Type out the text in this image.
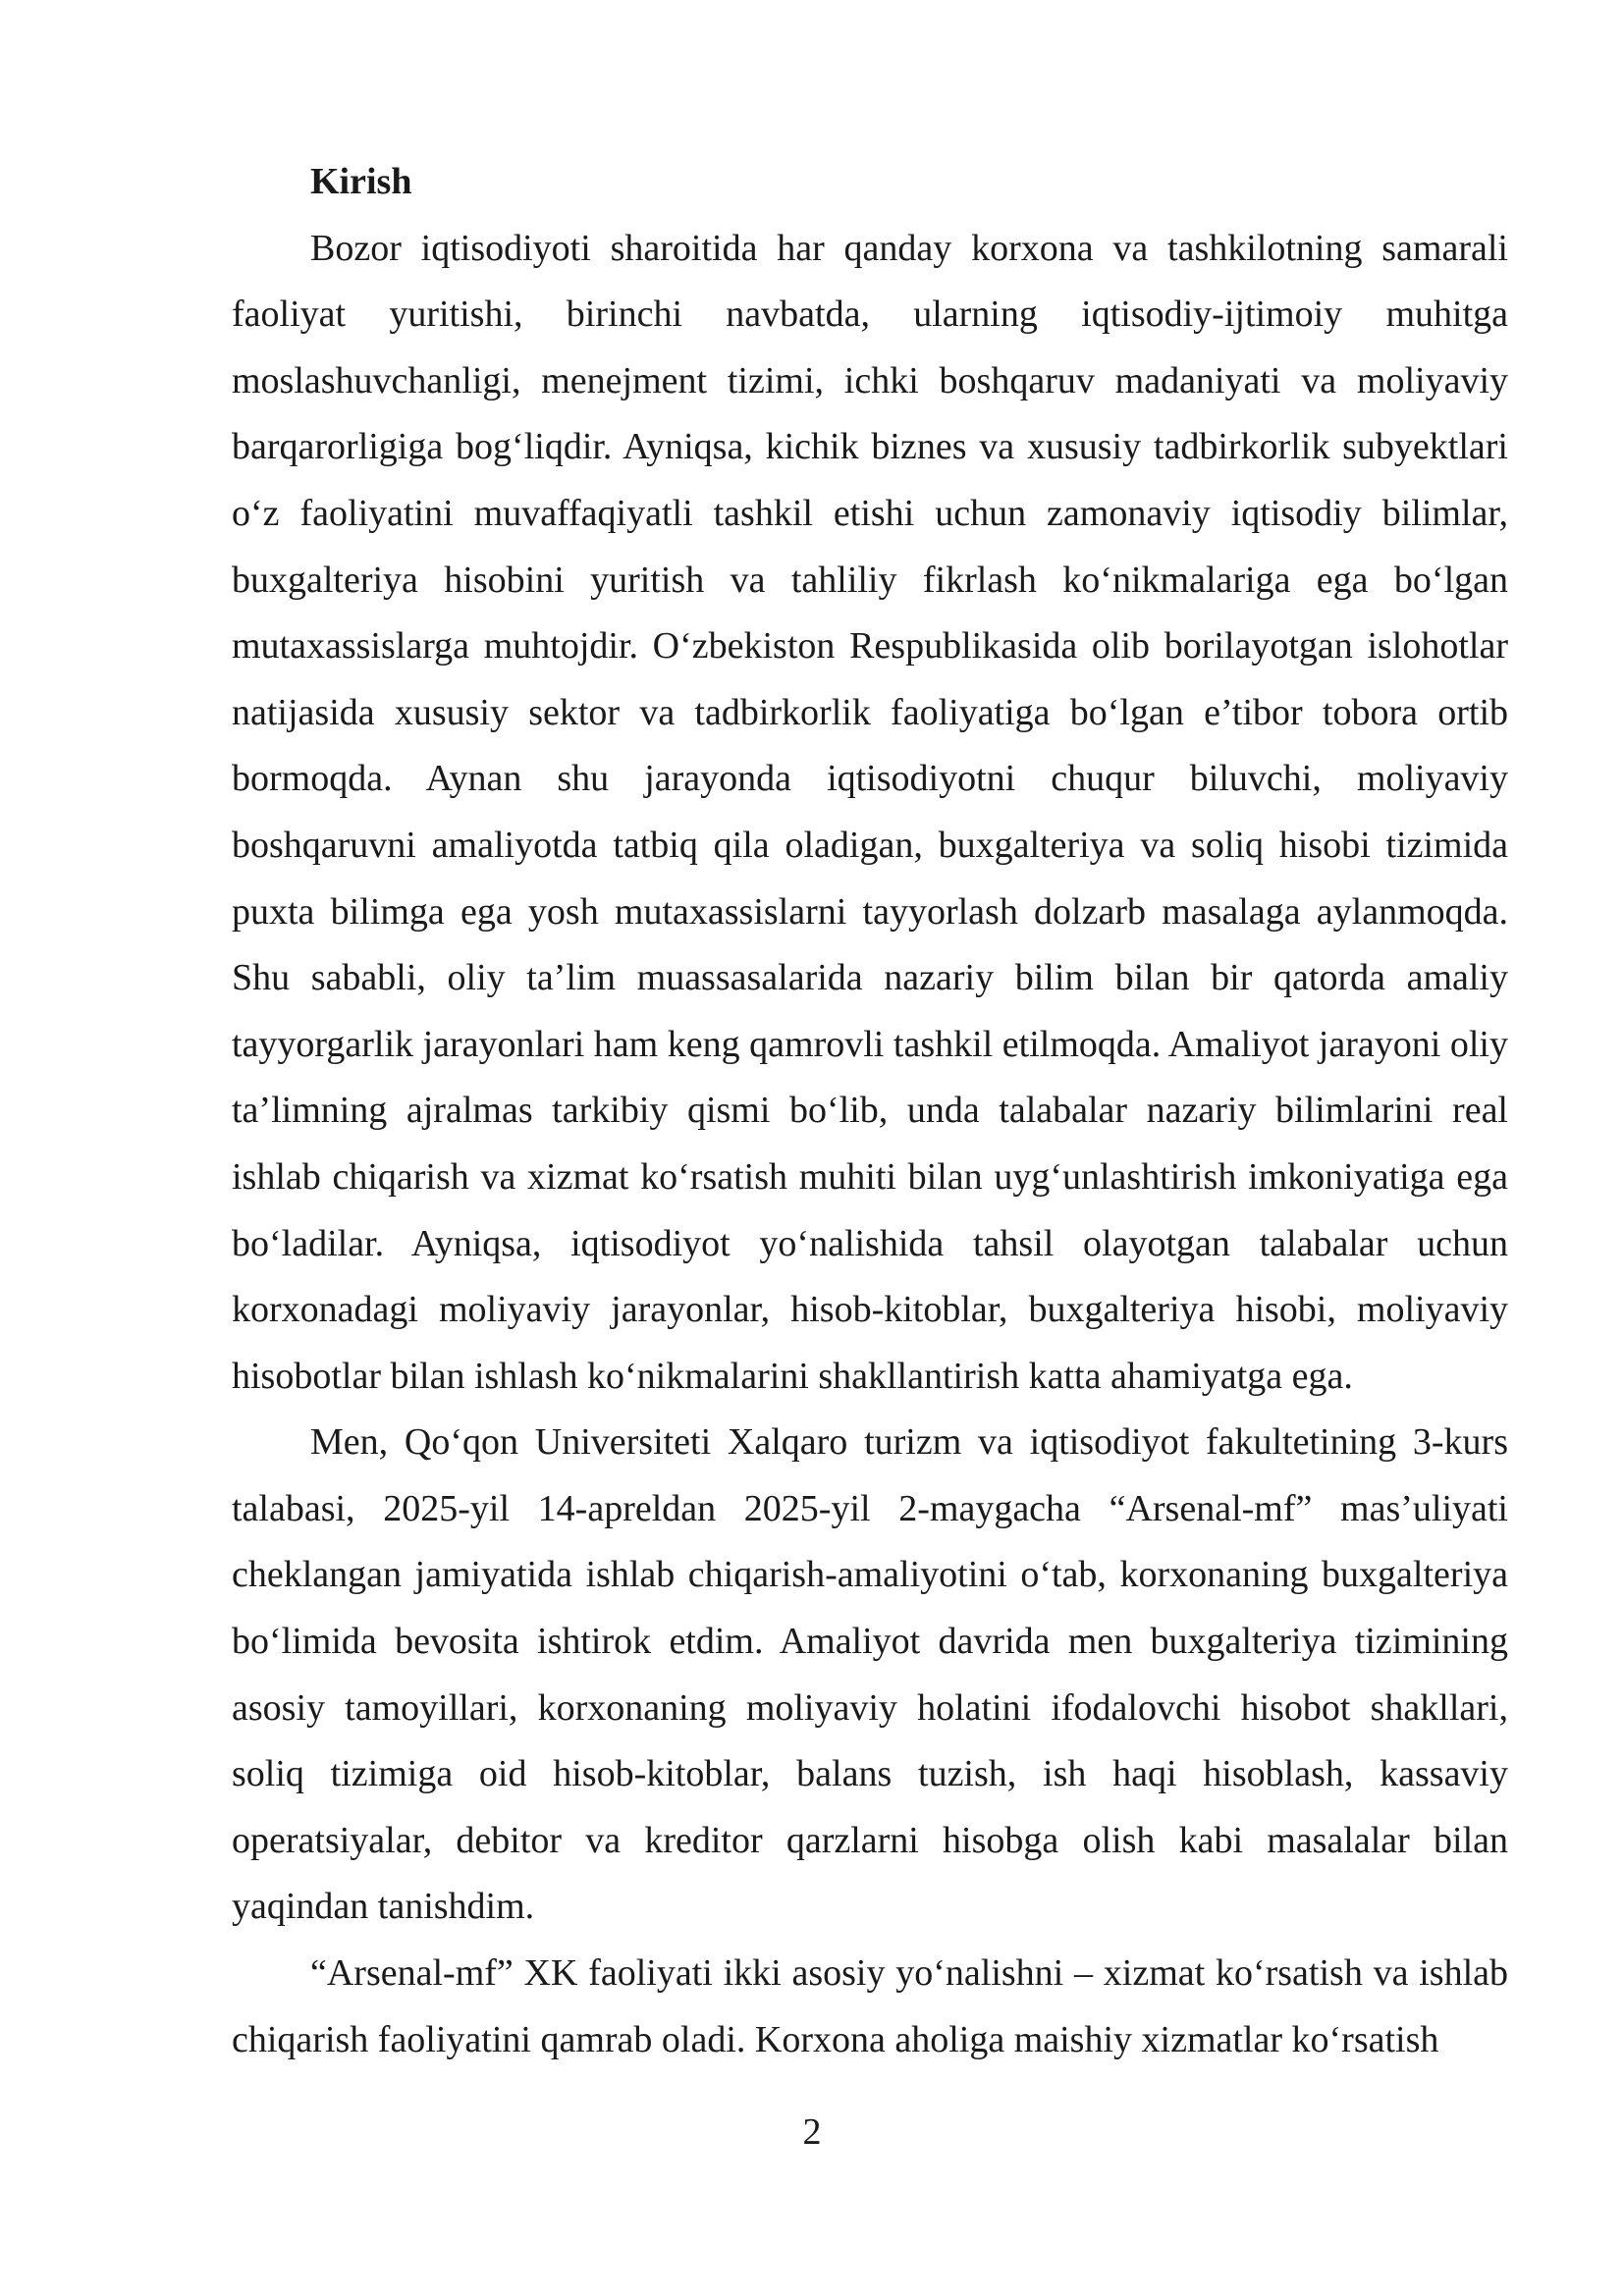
Kirish

Bozor iqtisodiyoti sharoitida har qanday korxona va tashkilotning samarali faoliyat yuritishi, birinchi navbatda, ularning iqtisodiy-ijtimoiy muhitga moslashuvchanligi, menejment tizimi, ichki boshqaruv madaniyati va moliyaviy barqarorligiga bog‘liqdir. Ayniqsa, kichik biznes va xususiy tadbirkorlik subyektlari o‘z faoliyatini muvaffaqiyatli tashkil etishi uchun zamonaviy iqtisodiy bilimlar, buxgalteriya hisobini yuritish va tahliliy fikrlash ko‘nikmalariga ega bo‘lgan mutaxassislarga muhtojdir. O‘zbekiston Respublikasida olib borilayotgan islohotlar natijasida xususiy sektor va tadbirkorlik faoliyatiga bo‘lgan e’tibor tobora ortib bormoqda. Aynan shu jarayonda iqtisodiyotni chuqur biluvchi, moliyaviy boshqaruvni amaliyotda tatbiq qila oladigan, buxgalteriya va soliq hisobi tizimida puxta bilimga ega yosh mutaxassislarni tayyorlash dolzarb masalaga aylanmoqda. Shu sababli, oliy ta’lim muassasalarida nazariy bilim bilan bir qatorda amaliy tayyorgarlik jarayonlari ham keng qamrovli tashkil etilmoqda. Amaliyot jarayoni oliy ta’limning ajralmas tarkibiy qismi bo‘lib, unda talabalar nazariy bilimlarini real ishlab chiqarish va xizmat ko‘rsatish muhiti bilan uyg‘unlashtirish imkoniyatiga ega bo‘ladilar. Ayniqsa, iqtisodiyot yo‘nalishida tahsil olayotgan talabalar uchun korxonadagi moliyaviy jarayonlar, hisob-kitoblar, buxgalteriya hisobi, moliyaviy hisobotlar bilan ishlash ko‘nikmalarini shakllantirish katta ahamiyatga ega.

Men, Qo‘qon Universiteti Xalqaro turizm va iqtisodiyot fakultetining 3-kurs talabasi, 2025-yil 14-apreldan 2025-yil 2-maygacha “Arsenal-mf” mas’uliyati cheklangan jamiyatida ishlab chiqarish-amaliyotini o‘tab, korxonaning buxgalteriya bo‘limida bevosita ishtirok etdim. Amaliyot davrida men buxgalteriya tizimining asosiy tamoyillari, korxonaning moliyaviy holatini ifodalovchi hisobot shakllari, soliq tizimiga oid hisob-kitoblar, balans tuzish, ish haqi hisoblash, kassaviy operatsiyalar, debitor va kreditor qarzlarni hisobga olish kabi masalalar bilan yaqindan tanishdim.

“Arsenal-mf” XK faoliyati ikki asosiy yo‘nalishni – xizmat ko‘rsatish va ishlab chiqarish faoliyatini qamrab oladi. Korxona aholiga maishiy xizmatlar ko‘rsatish

2
